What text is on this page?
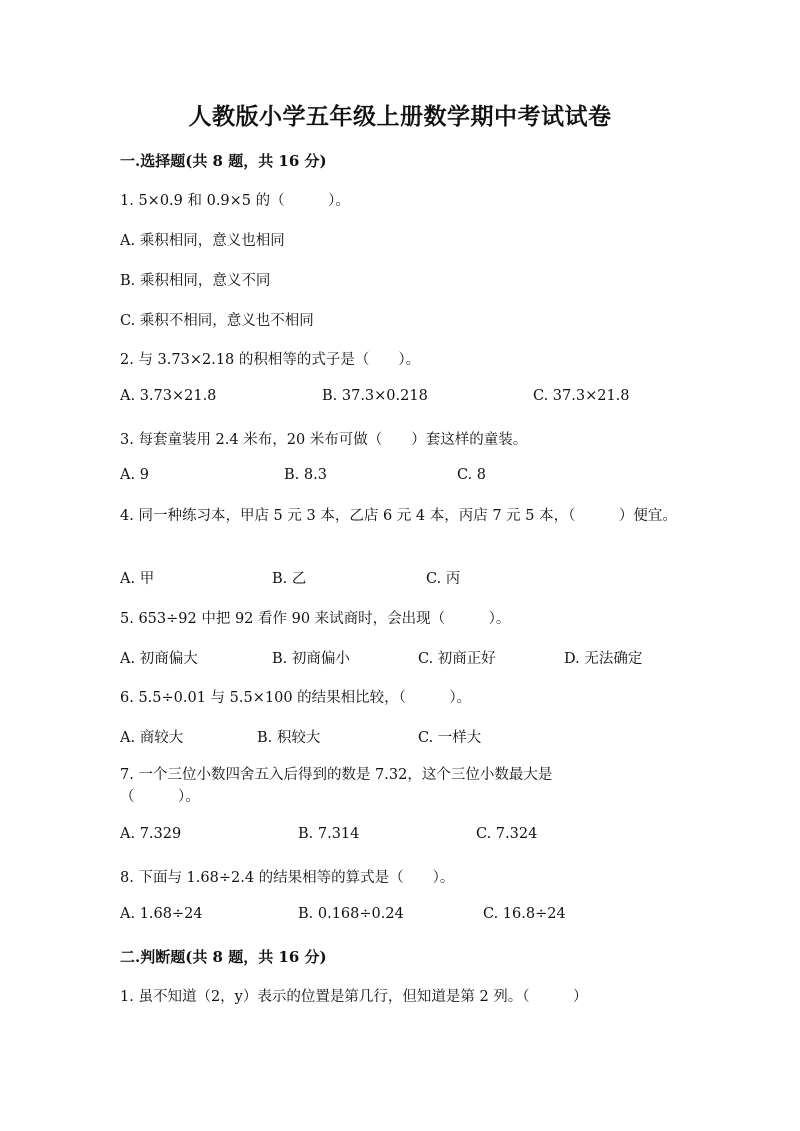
人教版小学五年级上册数学期中考试试卷
一.选择题(共 8 题，共 16 分)
1. 5×0.9 和 0.9×5 的（　　　）。
A. 乘积相同，意义也相同
B. 乘积相同，意义不同
C. 乘积不相同，意义也不相同
2. 与 3.73×2.18 的积相等的式子是（　　）。
A. 3.73×21.8	B. 37.3×0.218	C. 37.3×21.8
3. 每套童装用 2.4 米布，20 米布可做（　　）套这样的童装。
A. 9	B. 8.3	C. 8
4. 同一种练习本，甲店 5 元 3 本，乙店 6 元 4 本，丙店 7 元 5 本，（　　　）便宜。
A. 甲	B. 乙	C. 丙
5. 653÷92 中把 92 看作 90 来试商时，会出现（　　　）。
A. 初商偏大	B. 初商偏小	C. 初商正好	D. 无法确定
6. 5.5÷0.01 与 5.5×100 的结果相比较，（　　　）。
A. 商较大	B. 积较大	C. 一样大
7. 一个三位小数四舍五入后得到的数是 7.32，这个三位小数最大是（　　　）。
A. 7.329	B. 7.314	C. 7.324
8. 下面与 1.68÷2.4 的结果相等的算式是（　　）。
A. 1.68÷24	B. 0.168÷0.24	C. 16.8÷24
二.判断题(共 8 题，共 16 分)
1. 虽不知道（2，y）表示的位置是第几行，但知道是第 2 列。（　　　）
